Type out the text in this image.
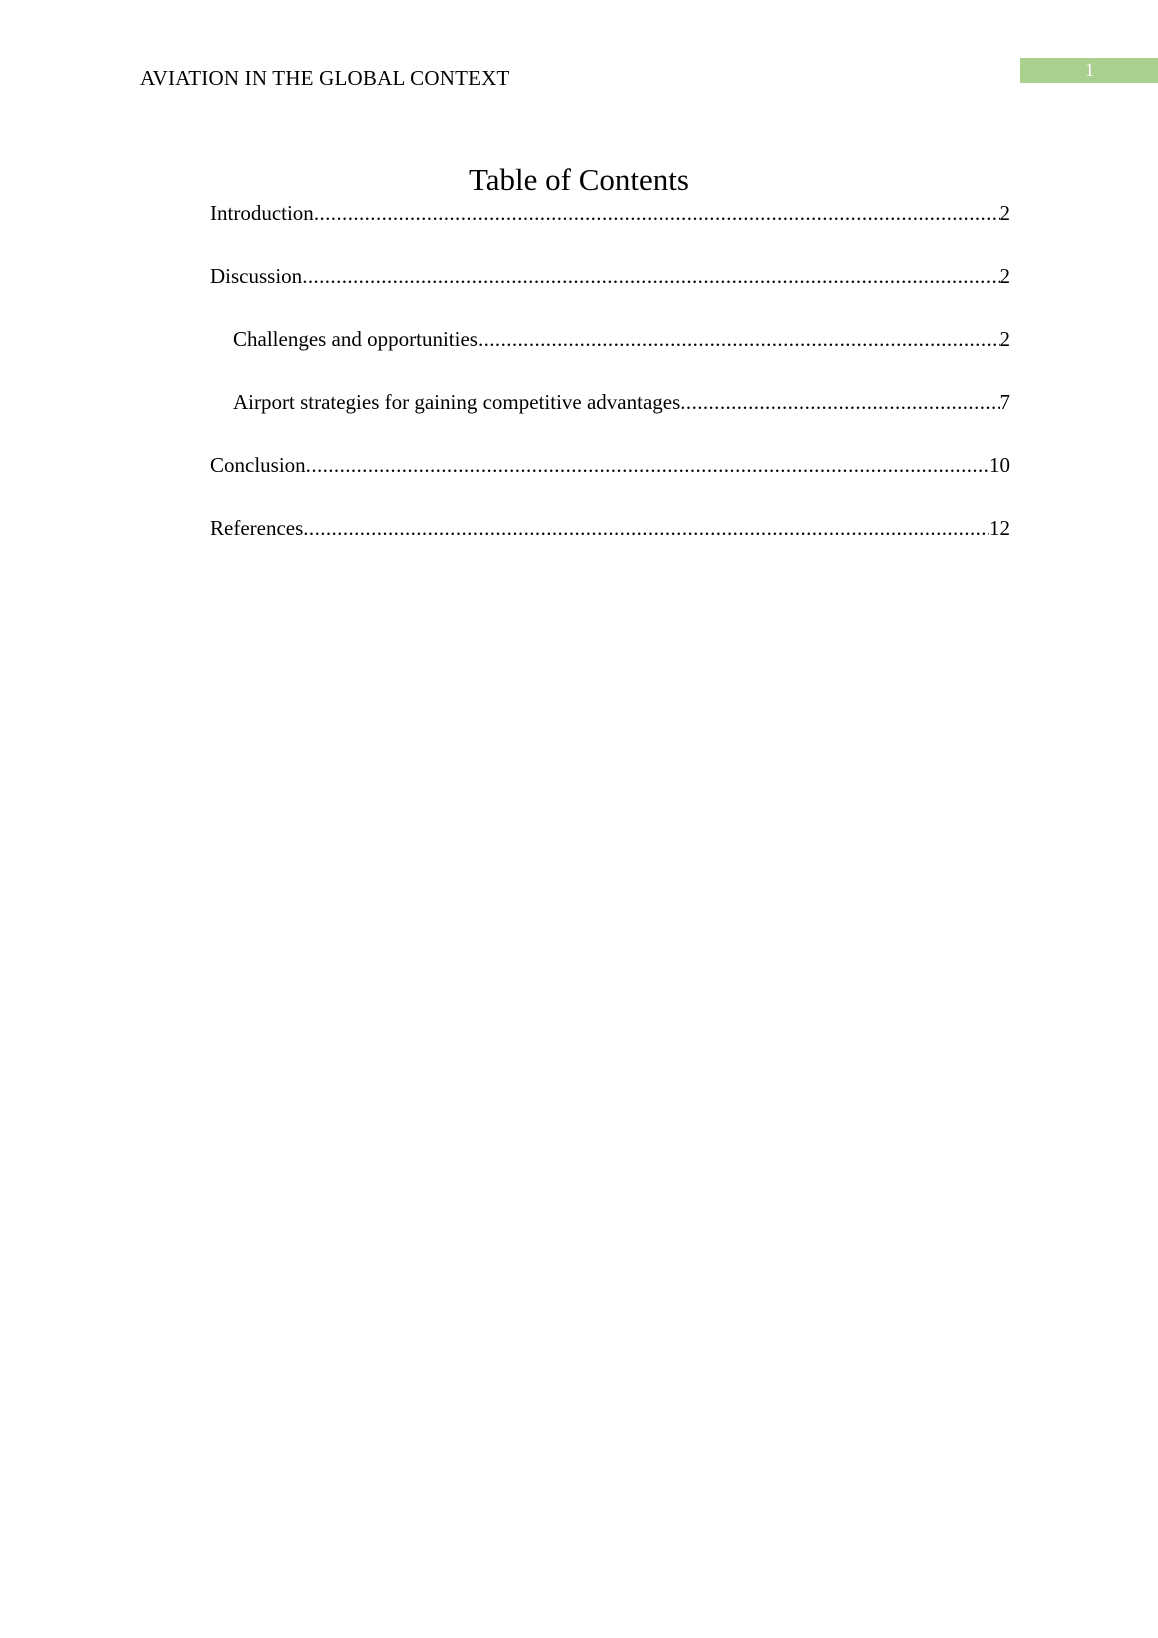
AVIATION IN THE GLOBAL CONTEXT	1
Table of Contents
Introduction .....	2
Discussion .....	2
Challenges and opportunities .....	2
Airport strategies for gaining competitive advantages .....	7
Conclusion .....	10
References .....	12
